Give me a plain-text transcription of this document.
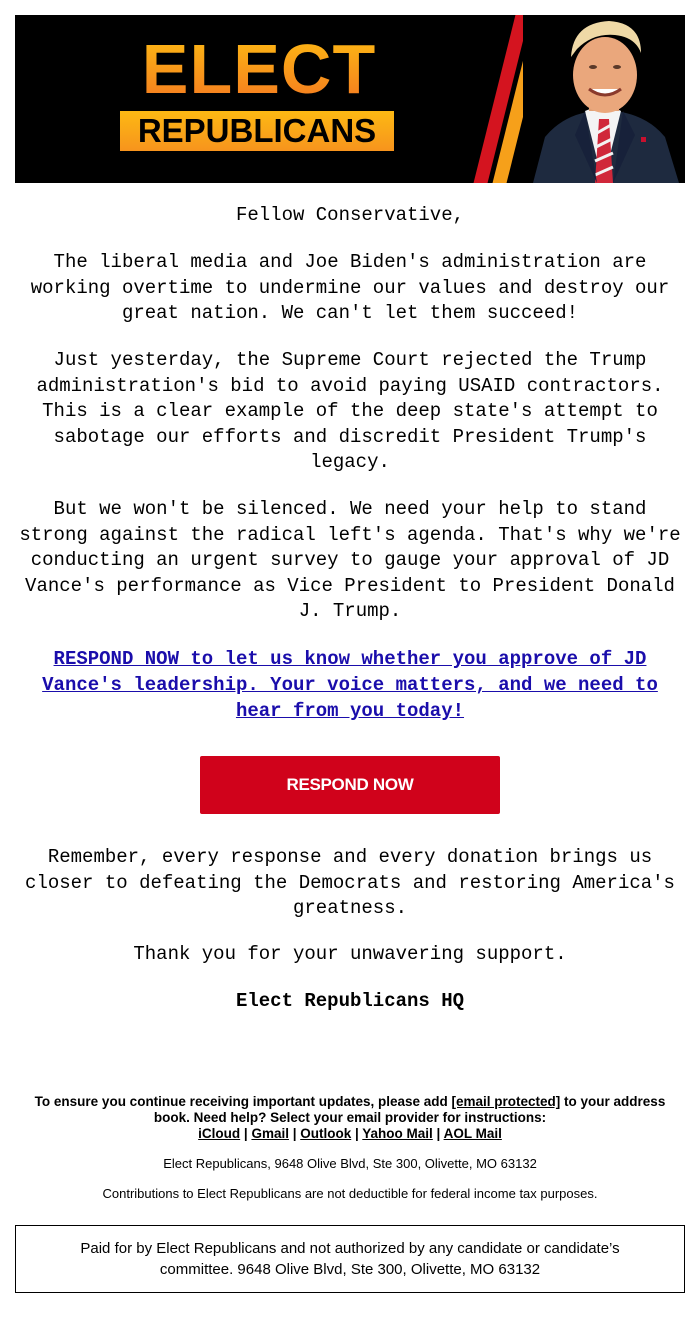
ELECT
REPUBLICANS
Fellow Conservative,
The liberal media and Joe Biden's administration are working overtime to undermine our values and destroy our great nation. We can't let them succeed!
Just yesterday, the Supreme Court rejected the Trump administration's bid to avoid paying USAID contractors. This is a clear example of the deep state's attempt to sabotage our efforts and discredit President Trump's legacy.
But we won't be silenced. We need your help to stand strong against the radical left's agenda. That's why we're conducting an urgent survey to gauge your approval of JD Vance's performance as Vice President to President Donald J. Trump.
RESPOND NOW to let us know whether you approve of JD Vance's leadership. Your voice matters, and we need to hear from you today!
RESPOND NOW
Remember, every response and every donation brings us closer to defeating the Democrats and restoring America's greatness.
Thank you for your unwavering support.
Elect Republicans HQ
To ensure you continue receiving important updates, please add [email protected] to your address book. Need help? Select your email provider for instructions:
iCloud | Gmail | Outlook | Yahoo Mail | AOL Mail
Elect Republicans, 9648 Olive Blvd, Ste 300, Olivette, MO 63132
Contributions to Elect Republicans are not deductible for federal income tax purposes.
Paid for by Elect Republicans and not authorized by any candidate or candidate’s committee. 9648 Olive Blvd, Ste 300, Olivette, MO 63132
